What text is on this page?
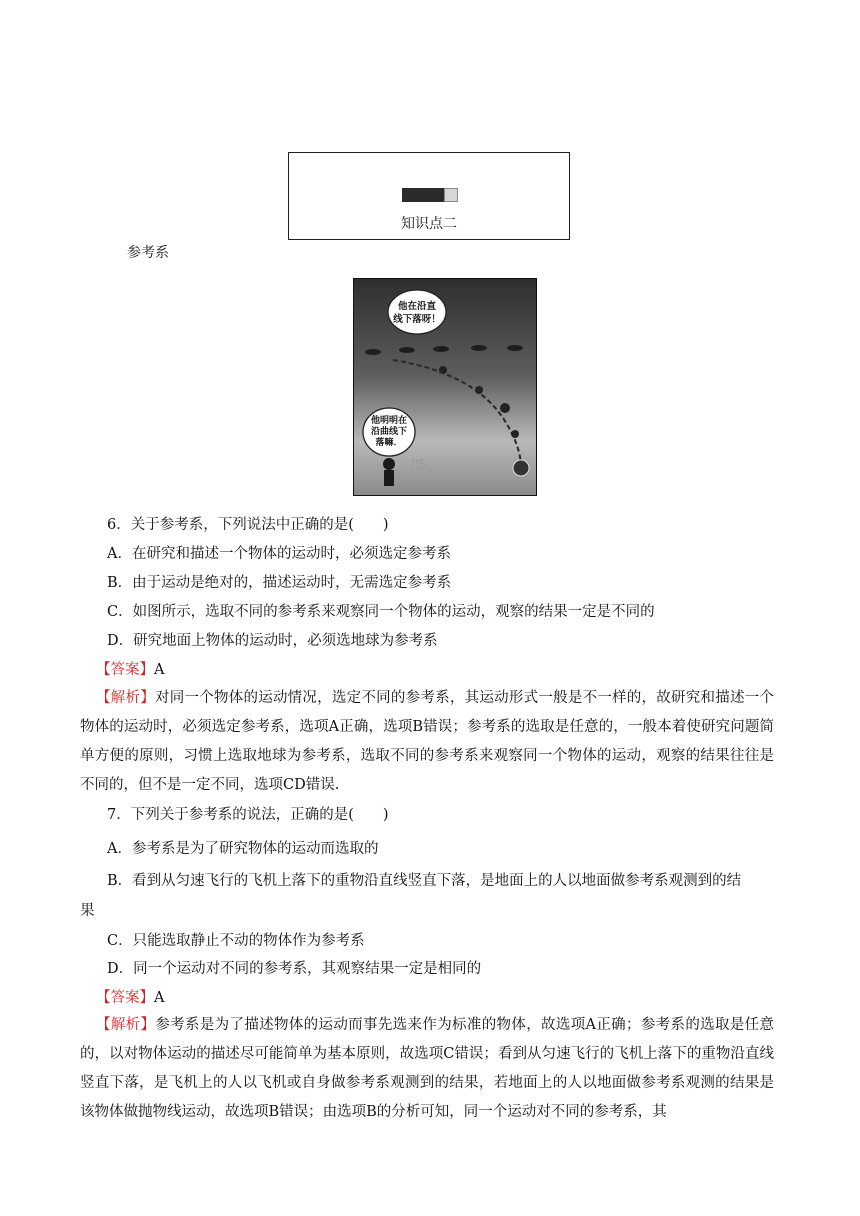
知识点二
参考系
PS
他在沿直
线下落呀！
他明明在
沿曲线下
落嘛．
6．关于参考系，下列说法中正确的是(　　)
A．在研究和描述一个物体的运动时，必须选定参考系
B．由于运动是绝对的，描述运动时，无需选定参考系
C．如图所示，选取不同的参考系来观察同一个物体的运动，观察的结果一定是不同的
D．研究地面上物体的运动时，必须选地球为参考系
【答案】A
【解析】对同一个物体的运动情况，选定不同的参考系，其运动形式一般是不一样的，故研究和描述一个物体的运动时，必须选定参考系，选项A正确，选项B错误；参考系的选取是任意的，一般本着使研究问题简单方便的原则，习惯上选取地球为参考系，选取不同的参考系来观察同一个物体的运动，观察的结果往往是不同的，但不是一定不同，选项CD错误.
7．下列关于参考系的说法，正确的是(　　)
A．参考系是为了研究物体的运动而选取的
B．看到从匀速飞行的飞机上落下的重物沿直线竖直下落，是地面上的人以地面做参考系观测到的结
果
C．只能选取静止不动的物体作为参考系
D．同一个运动对不同的参考系，其观察结果一定是相同的
【答案】A
【解析】参考系是为了描述物体的运动而事先选来作为标准的物体，故选项A正确；参考系的选取是任意的，以对物体运动的描述尽可能简单为基本原则，故选项C错误；看到从匀速飞行的飞机上落下的重物沿直线竖直下落，是飞机上的人以飞机或自身做参考系观测到的结果，若地面上的人以地面做参考系观测的结果是该物体做抛物线运动，故选项B错误；由选项B的分析可知，同一个运动对不同的参考系，其
